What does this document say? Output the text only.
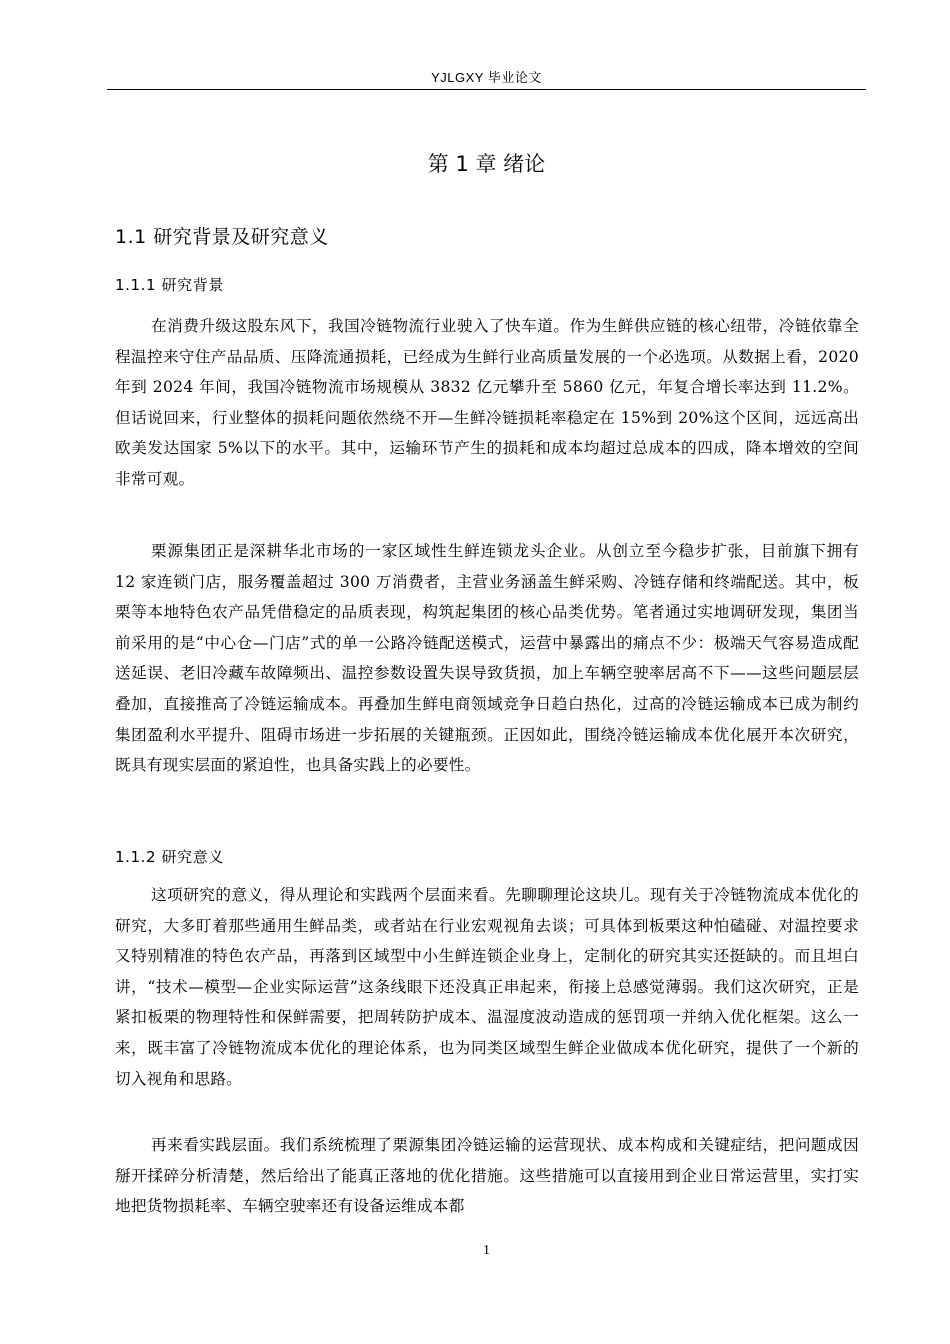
YJLGXY 毕业论文
第 1 章 绪论
1.1 研究背景及研究意义
1.1.1 研究背景

在消费升级这股东风下，我国冷链物流行业驶入了快车道。作为生鲜供应链的核心纽带，冷链依靠全程温控来守住产品品质、压降流通损耗，已经成为生鲜行业高质量发展的一个必选项。从数据上看，2020 年到 2024 年间，我国冷链物流市场规模从 3832 亿元攀升至 5860 亿元，年复合增长率达到 11.2%。但话说回来，行业整体的损耗问题依然绕不开—生鲜冷链损耗率稳定在 15%到 20%这个区间，远远高出欧美发达国家 5%以下的水平。其中，运输环节产生的损耗和成本均超过总成本的四成，降本增效的空间非常可观。

栗源集团正是深耕华北市场的一家区域性生鲜连锁龙头企业。从创立至今稳步扩张，目前旗下拥有 12 家连锁门店，服务覆盖超过 300 万消费者，主营业务涵盖生鲜采购、冷链存储和终端配送。其中，板栗等本地特色农产品凭借稳定的品质表现，构筑起集团的核心品类优势。笔者通过实地调研发现，集团当前采用的是“中心仓—门店”式的单一公路冷链配送模式，运营中暴露出的痛点不少：极端天气容易造成配送延误、老旧冷藏车故障频出、温控参数设置失误导致货损，加上车辆空驶率居高不下——这些问题层层叠加，直接推高了冷链运输成本。再叠加生鲜电商领域竞争日趋白热化，过高的冷链运输成本已成为制约集团盈利水平提升、阻碍市场进一步拓展的关键瓶颈。正因如此，围绕冷链运输成本优化展开本次研究，既具有现实层面的紧迫性，也具备实践上的必要性。

1.1.2 研究意义

这项研究的意义，得从理论和实践两个层面来看。先聊聊理论这块儿。现有关于冷链物流成本优化的研究，大多盯着那些通用生鲜品类，或者站在行业宏观视角去谈；可具体到板栗这种怕磕碰、对温控要求又特别精准的特色农产品，再落到区域型中小生鲜连锁企业身上，定制化的研究其实还挺缺的。而且坦白讲，“技术—模型—企业实际运营”这条线眼下还没真正串起来，衔接上总感觉薄弱。我们这次研究，正是紧扣板栗的物理特性和保鲜需要，把周转防护成本、温湿度波动造成的惩罚项一并纳入优化框架。这么一来，既丰富了冷链物流成本优化的理论体系，也为同类区域型生鲜企业做成本优化研究，提供了一个新的切入视角和思路。

再来看实践层面。我们系统梳理了栗源集团冷链运输的运营现状、成本构成和关键症结，把问题成因掰开揉碎分析清楚，然后给出了能真正落地的优化措施。这些措施可以直接用到企业日常运营里，实打实地把货物损耗率、车辆空驶率还有设备运维成本都

1
